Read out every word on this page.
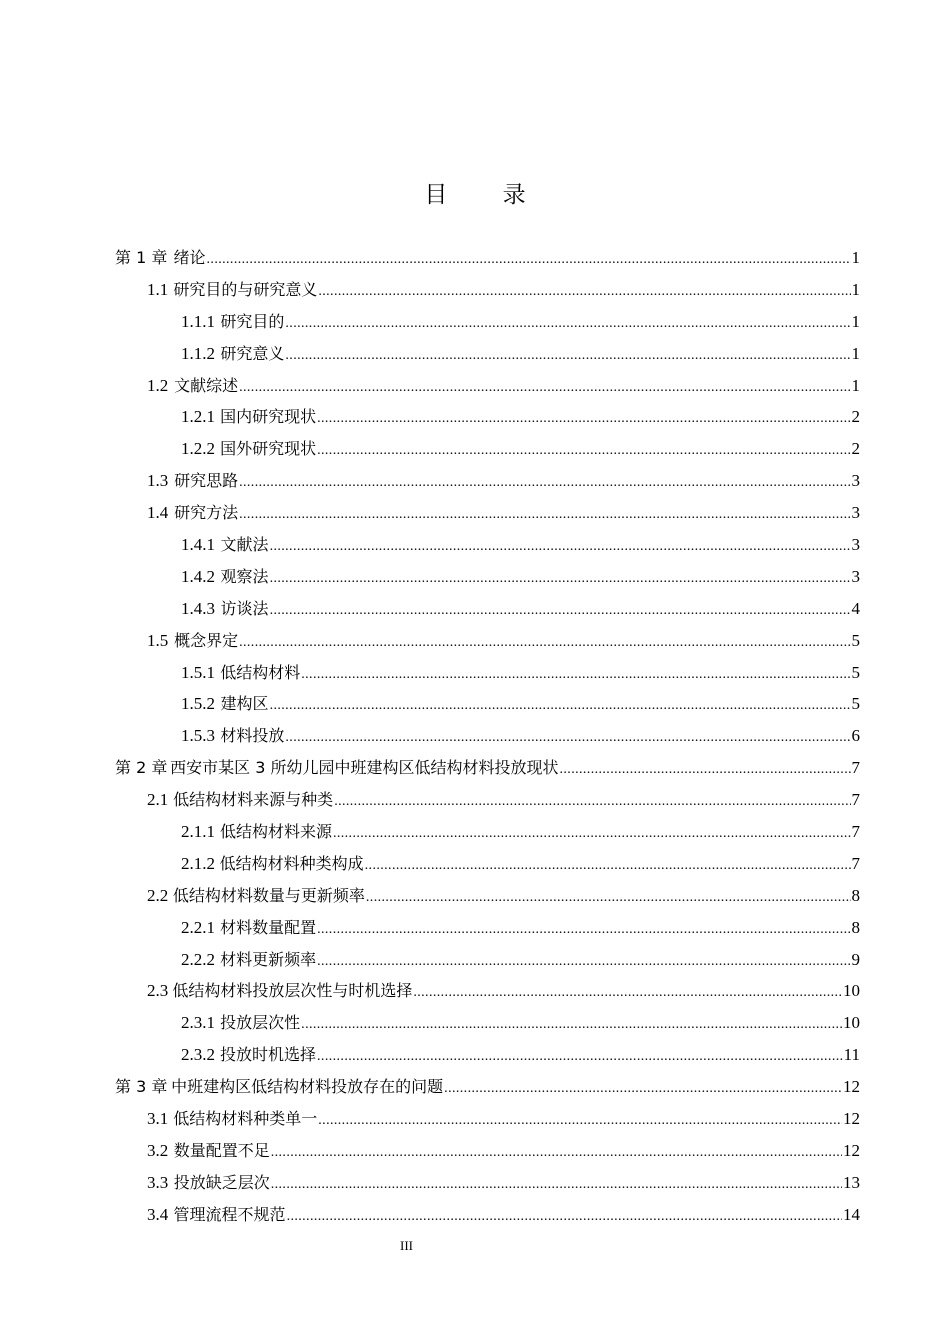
目 录
第 1 章 绪论 .....	1
1.1 研究目的与研究意义 .....	1
1.1.1 研究目的 .....	1
1.1.2 研究意义 .....	1
1.2 文献综述 .....	1
1.2.1 国内研究现状 .....	2
1.2.2 国外研究现状 .....	2
1.3 研究思路 .....	3
1.4 研究方法 .....	3
1.4.1 文献法 .....	3
1.4.2 观察法 .....	3
1.4.3 访谈法 .....	4
1.5 概念界定 .....	5
1.5.1 低结构材料 .....	5
1.5.2 建构区 .....	5
1.5.3 材料投放 .....	6
第 2 章 西安市某区 3 所幼儿园中班建构区低结构材料投放现状 .....	7
2.1 低结构材料来源与种类 .....	7
2.1.1 低结构材料来源 .....	7
2.1.2 低结构材料种类构成 .....	7
2.2 低结构材料数量与更新频率 .....	8
2.2.1 材料数量配置 .....	8
2.2.2 材料更新频率 .....	9
2.3 低结构材料投放层次性与时机选择 .....	10
2.3.1 投放层次性 .....	10
2.3.2 投放时机选择 .....	11
第 3 章 中班建构区低结构材料投放存在的问题 .....	12
3.1 低结构材料种类单一 .....	12
3.2 数量配置不足 .....	12
3.3 投放缺乏层次 .....	13
3.4 管理流程不规范 .....	14
III
